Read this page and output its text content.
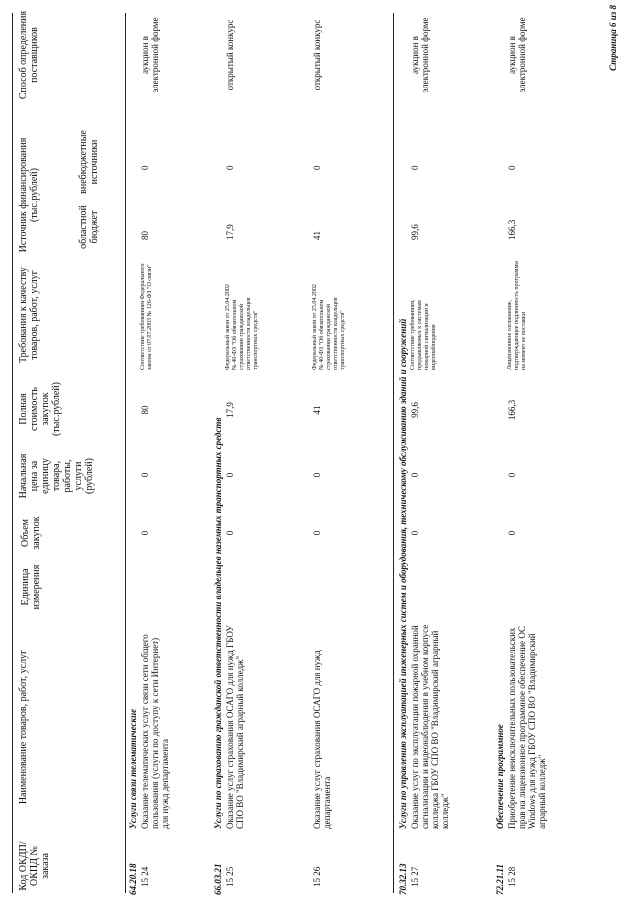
Код ОКДП/ ОКПД № заказа
Наименование товаров, работ, услуг
Единица измерения
Объем закупок
Начальная цена за единицу товара, работы, услуги (рублей)
Полная стоимость закупок (тыс.рублей)
Требования к качеству товаров, работ, услуг
Источник финансирования (тыс.рублей)
областной бюджет
внебюджетные источники
Способ определения поставщиков
64.20.18
Услуги связи телематические
15 24
Оказание телематических услуг связи сети общего пользования (услуги по доступу к сети Интернет) для нужд департамента
0
0
80
Соответствие требованиям Федерального закона от 07.07.2003 № 126-ФЗ "О связи"
80
0
аукцион в электронной форме
66.03.21
Услуги по страхованию гражданской ответственности владельцев наземных транспортных средств
15 25
Оказание услуг страхования ОСАГО для нужд ГБОУ СПО ВО "Владимирский аграрный колледж"
0
0
17,9
Федеральный закон от 25.04.2002 № 40-ФЗ "Об обязательном страховании гражданской ответственности владельцев транспортных средств"
17,9
0
открытый конкурс
15 26
Оказание услуг страхования ОСАГО для нужд департамента
0
0
41
Федеральный закон от 25.04.2002 № 40-ФЗ "Об обязательном страховании гражданской ответственности владельцев транспортных средств"
41
0
открытый конкурс
70.32.13
Услуги по управлению эксплуатацией инженерных систем и оборудования, техническому обслуживанию зданий и сооружений
15 27
Оказание услуг по эксплуатации пожарной охранной сигнализации и видеонаблюдения в учебном корпусе колледжа ГБОУ СПО ВО "Владимирский аграрный колледж"
0
0
99,6
Соответствие требованиям, предъявляемых к системам пожарной сигнализации и видеонаблюдения
99,6
0
аукцион в электронной форме
72.21.11
Обеспечение программное
15 28
Приобретение неисключительных пользовательских прав на лицензионное программное обеспечение ОС Windows для нужд ГБОУ СПО ВО "Владимирский аграрный колледж"
0
0
166,3
Лицензионное соглашение, подтверждающее подлинность программы на момент ее поставки
166,3
0
аукцион в электронной форме	Страница 6 из 8
